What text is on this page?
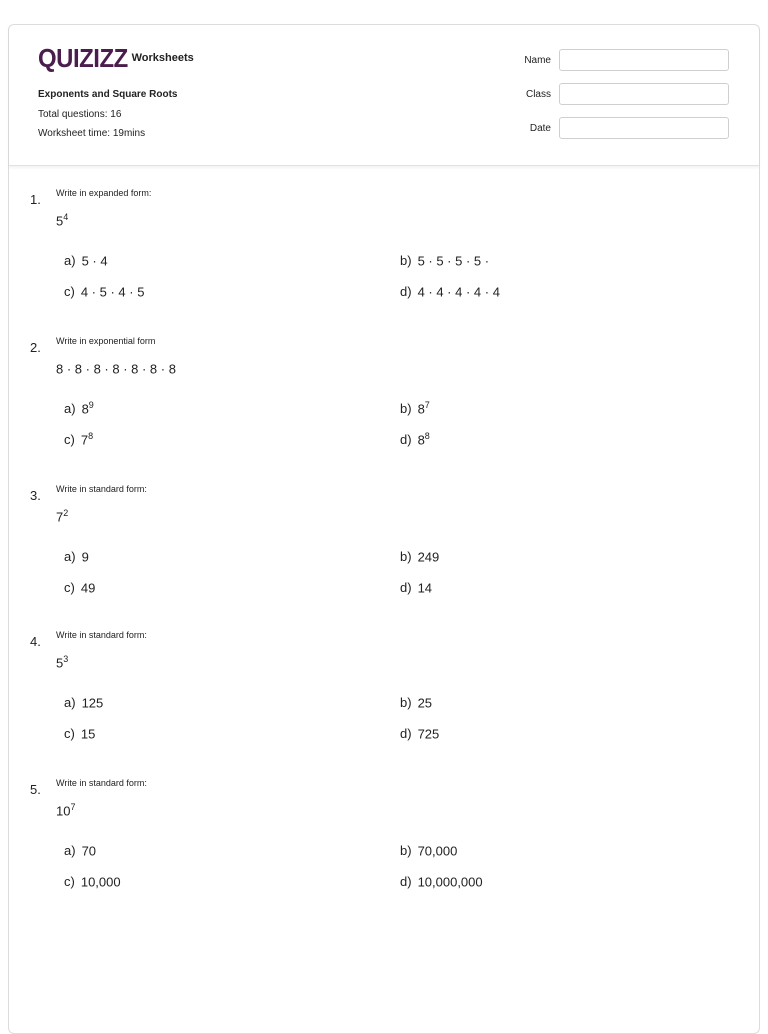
QUIZIZZ Worksheets
Exponents and Square Roots
Total questions: 16
Worksheet time: 19mins
Name
Class
Date
1. Write in expanded form:
$5^4$
a) 5 · 4	b) 5 · 5 · 5 · 5 ·
c) 4 · 5 · 4 · 5	d) 4 · 4 · 4 · 4 · 4
2. Write in exponential form
8 · 8 · 8 · 8 · 8 · 8 · 8
a) $8^9$	b) $8^7$
c) $7^8$	d) $8^8$
3. Write in standard form:
$7^2$
a) 9	b) 249
c) 49	d) 14
4. Write in standard form:
$5^3$
a) 125	b) 25
c) 15	d) 725
5. Write in standard form:
$10^7$
a) 70	b) 70,000
c) 10,000	d) 10,000,000
